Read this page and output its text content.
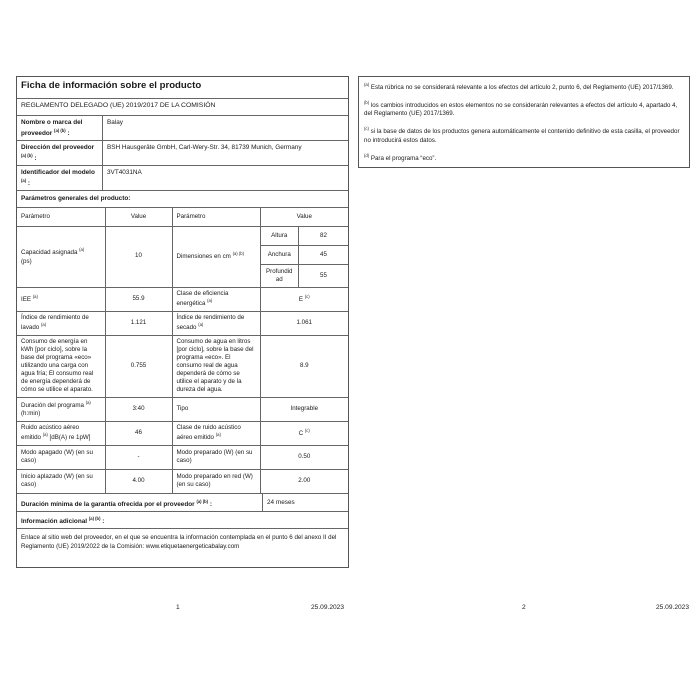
Ficha de información sobre el producto
REGLAMENTO DELEGADO (UE) 2019/2017 DE LA COMISIÓN
Nombre o marca del proveedor $^{(a) (b)}$ :
Balay
Dirección del proveedor $^{(a) (b)}$ :
BSH Hausgeräte GmbH, Carl-Wery-Str. 34, 81739 Munich, Germany
Identificador del modelo $^{(a)}$ :
3VT4031NA
Parámetros generales del producto:
Parámetro	Value	Parámetro	Value
Capacidad asignada $^{(a)}$
(ps)	10	Dimensiones en cm $^{(a) (b)}$	
Altura	82
Anchura	45
Profundidad	55

IEE $^{(a)}$	55.9	Clase de eficiencia energética $^{(a)}$	E $^{(c)}$
Índice de rendimiento de lavado $^{(a)}$	1.121	Índice de rendimiento de secado $^{(a)}$	1.061
Consumo de energía en kWh [por ciclo], sobre la base del programa «eco» utilizando una carga con agua fría; El consumo real de energía dependerá de cómo se utilice el aparato.	0.755	Consumo de agua en litros [por ciclo], sobre la base del programa «eco». El consumo real de agua dependerá de cómo se utilice el aparato y de la dureza del agua.	8.9
Duración del programa $^{(a)}$
(h:min)	3:40	Tipo	Integrable
Ruido acústico aéreo emitido $^{(a)}$ [dB(A) re 1pW]	46	Clase de ruido acústico aéreo emitido $^{(a)}$	C $^{(c)}$
Modo apagado (W) (en su caso)	-	Modo preparado (W) (en su caso)	0.50
Inicio aplazado (W) (en su caso)	4.00	Modo preparado en red (W) (en su caso)	2.00
Duración mínima de la garantía ofrecida por el proveedor $^{(a) (b)}$ :	24 meses
Información adicional $^{(a) (b)}$ :
Enlace al sitio web del proveedor, en el que se encuentra la información contemplada en el punto 6 del anexo II del Reglamento (UE) 2019/2022 de la Comisión: www.etiquetaenergeticabalay.com
1	25.09.2023

$^{(a)}$ Esta rúbrica no se considerará relevante a los efectos del artículo 2, punto 6, del Reglamento (UE) 2017/1369.

$^{(b)}$ los cambios introducidos en estos elementos no se considerarán relevantes a efectos del artículo 4, apartado 4, del Reglamento (UE) 2017/1369.

$^{(c)}$ si la base de datos de los productos genera automáticamente el contenido definitivo de esta casilla, el proveedor no introducirá estos datos.

$^{(d)}$ Para el programa “eco”.

2	25.09.2023
